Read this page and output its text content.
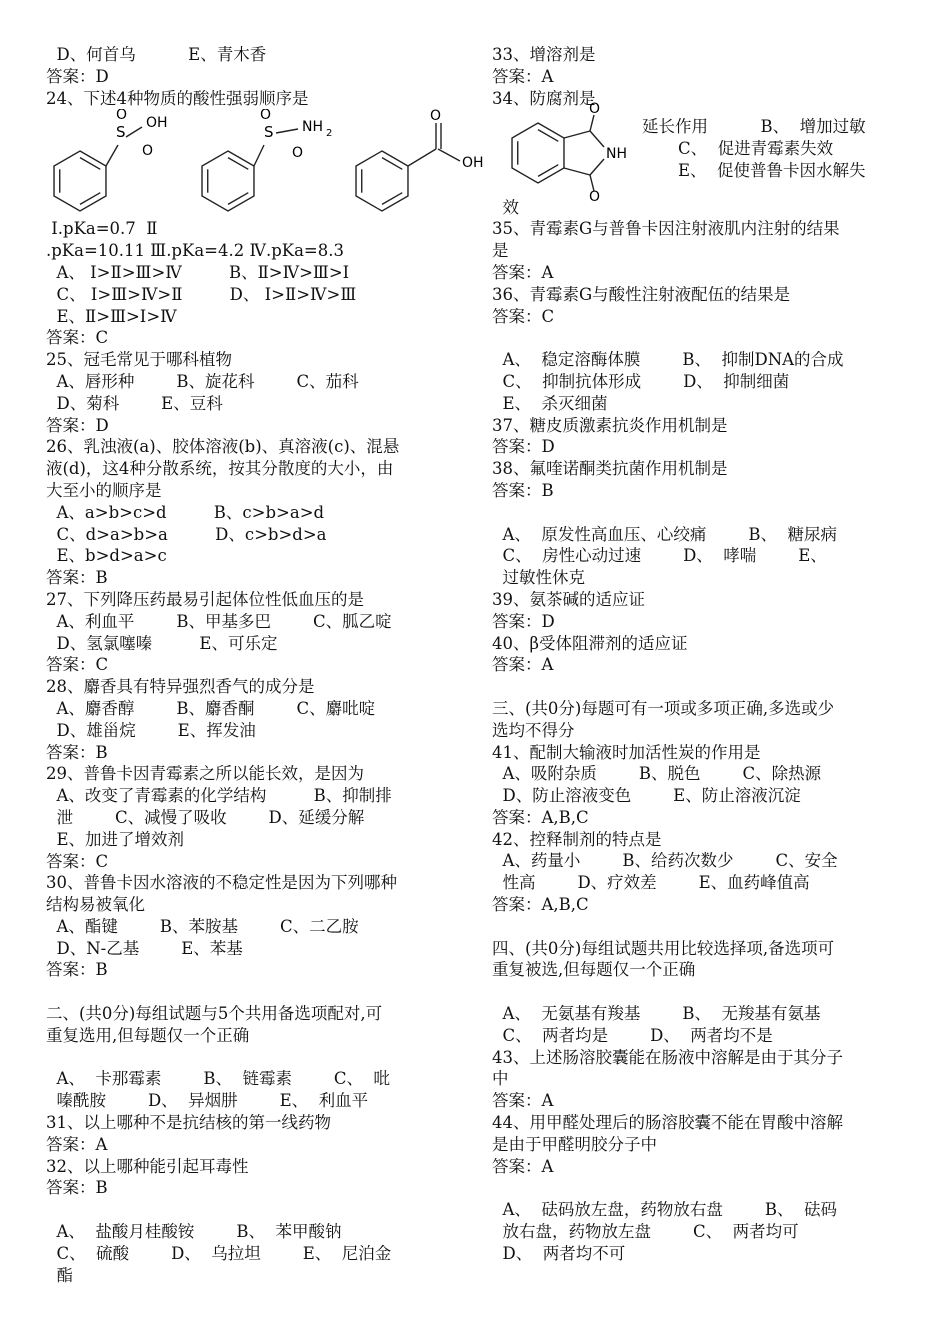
D、何首乌          E、青木香
答案：D
24、下述4种物质的酸性强弱顺序是
S
O
O
OH	S
O
O
NH 2
O
OH
Ⅰ.pKa=0.7  Ⅱ
.pKa=10.11 Ⅲ.pKa=4.2 Ⅳ.pKa=8.3
A、 Ⅰ>Ⅱ>Ⅲ>Ⅳ         B、Ⅱ>Ⅳ>Ⅲ>Ⅰ
C、 Ⅰ>Ⅲ>Ⅳ>Ⅱ         D、 Ⅰ>Ⅱ>Ⅳ>Ⅲ
E、Ⅱ>Ⅲ>Ⅰ>Ⅳ
答案：C
25、冠毛常见于哪科植物
A、唇形种        B、旋花科        C、茄科
D、菊科        E、豆科
答案：D
26、乳浊液(a)、胶体溶液(b)、真溶液(c)、混悬
液(d)，这4种分散系统，按其分散度的大小，由
大至小的顺序是
A、a>b>c>d         B、c>b>a>d
C、d>a>b>a         D、c>b>d>a
E、b>d>a>c
答案：B
27、下列降压药最易引起体位性低血压的是
A、利血平        B、甲基多巴        C、胍乙啶
D、氢氯噻嗪         E、可乐定
答案：C
28、麝香具有特异强烈香气的成分是
A、麝香醇        B、麝香酮        C、麝吡啶
D、雄甾烷        E、挥发油
答案：B
29、普鲁卡因青霉素之所以能长效，是因为
A、改变了青霉素的化学结构         B、抑制排
泄        C、减慢了吸收        D、延缓分解
E、加进了增效剂
答案：C
30、普鲁卡因水溶液的不稳定性是因为下列哪种
结构易被氧化
A、酯键        B、苯胺基        C、二乙胺
D、N-乙基        E、苯基
答案：B
二、(共0分)每组试题与5个共用备选项配对,可
重复选用,但每题仅一个正确
A、  卡那霉素        B、  链霉素        C、  吡
嗪酰胺        D、  异烟肼        E、  利血平
31、以上哪种不是抗结核的第一线药物
答案：A
32、以上哪种能引起耳毒性
答案：B
A、  盐酸月桂酸铵        B、  苯甲酸钠
C、  硫酸        D、  乌拉坦        E、  尼泊金
酯
33、增溶剂是
答案：A
34、防腐剂是
O
O
NH
延长作用          B、  增加过敏
C、  促进青霉素失效
E、  促使普鲁卡因水解失
效
35、青霉素G与普鲁卡因注射液肌内注射的结果
是
答案：A
36、青霉素G与酸性注射液配伍的结果是
答案：C
A、  稳定溶酶体膜        B、  抑制DNA的合成
C、  抑制抗体形成        D、  抑制细菌
E、  杀灭细菌
37、糖皮质激素抗炎作用机制是
答案：D
38、氟喹诺酮类抗菌作用机制是
答案：B
A、  原发性高血压、心绞痛        B、  糖尿病
C、  房性心动过速        D、  哮喘        E、
过敏性休克
39、氨茶碱的适应证
答案：D
40、β受体阻滞剂的适应证
答案：A
三、(共0分)每题可有一项或多项正确,多选或少
选均不得分
41、配制大输液时加活性炭的作用是
A、吸附杂质        B、脱色        C、除热源
D、防止溶液变色        E、防止溶液沉淀
答案：A,B,C
42、控释制剂的特点是
A、药量小        B、给药次数少        C、安全
性高        D、疗效差        E、血药峰值高
答案：A,B,C
四、(共0分)每组试题共用比较选择项,备选项可
重复被选,但每题仅一个正确
A、  无氨基有羧基        B、  无羧基有氨基
C、  两者均是        D、  两者均不是
43、上述肠溶胶囊能在肠液中溶解是由于其分子
中
答案：A
44、用甲醛处理后的肠溶胶囊不能在胃酸中溶解
是由于甲醛明胶分子中
答案：A
A、  砝码放左盘，药物放右盘        B、  砝码
放右盘，药物放左盘        C、  两者均可
D、  两者均不可
